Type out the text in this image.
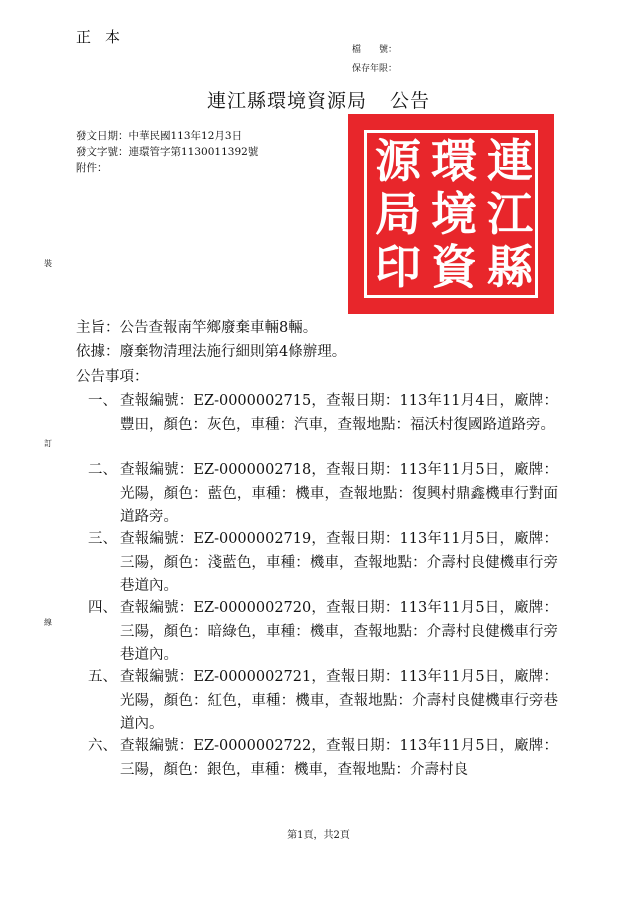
正本
檔　　號：
保存年限：
連江縣環境資源局 公告
發文日期：中華民國113年12月3日
發文字號：連環管字第1130011392號
附件：	連
江
縣
環
境
資
源
局
印
裝
訂
線
主旨：公告查報南竿鄉廢棄車輛8輛。
依據：廢棄物清理法施行細則第4條辦理。
公告事項：
一、 查報編號：EZ-0000002715，查報日期：113年11月4日，廠牌：豐田，顏色：灰色，車種：汽車，查報地點：福沃村復國路道路旁。
二、 查報編號：EZ-0000002718，查報日期：113年11月5日，廠牌：光陽，顏色：藍色，車種：機車，查報地點：復興村鼎鑫機車行對面道路旁。
三、 查報編號：EZ-0000002719，查報日期：113年11月5日，廠牌：三陽，顏色：淺藍色，車種：機車，查報地點：介壽村良健機車行旁巷道內。
四、 查報編號：EZ-0000002720，查報日期：113年11月5日，廠牌：三陽，顏色：暗綠色，車種：機車，查報地點：介壽村良健機車行旁巷道內。
五、 查報編號：EZ-0000002721，查報日期：113年11月5日，廠牌：光陽，顏色：紅色，車種：機車，查報地點：介壽村良健機車行旁巷道內。
六、 查報編號：EZ-0000002722，查報日期：113年11月5日，廠牌：三陽，顏色：銀色，車種：機車，查報地點：介壽村良
第1頁，共2頁
